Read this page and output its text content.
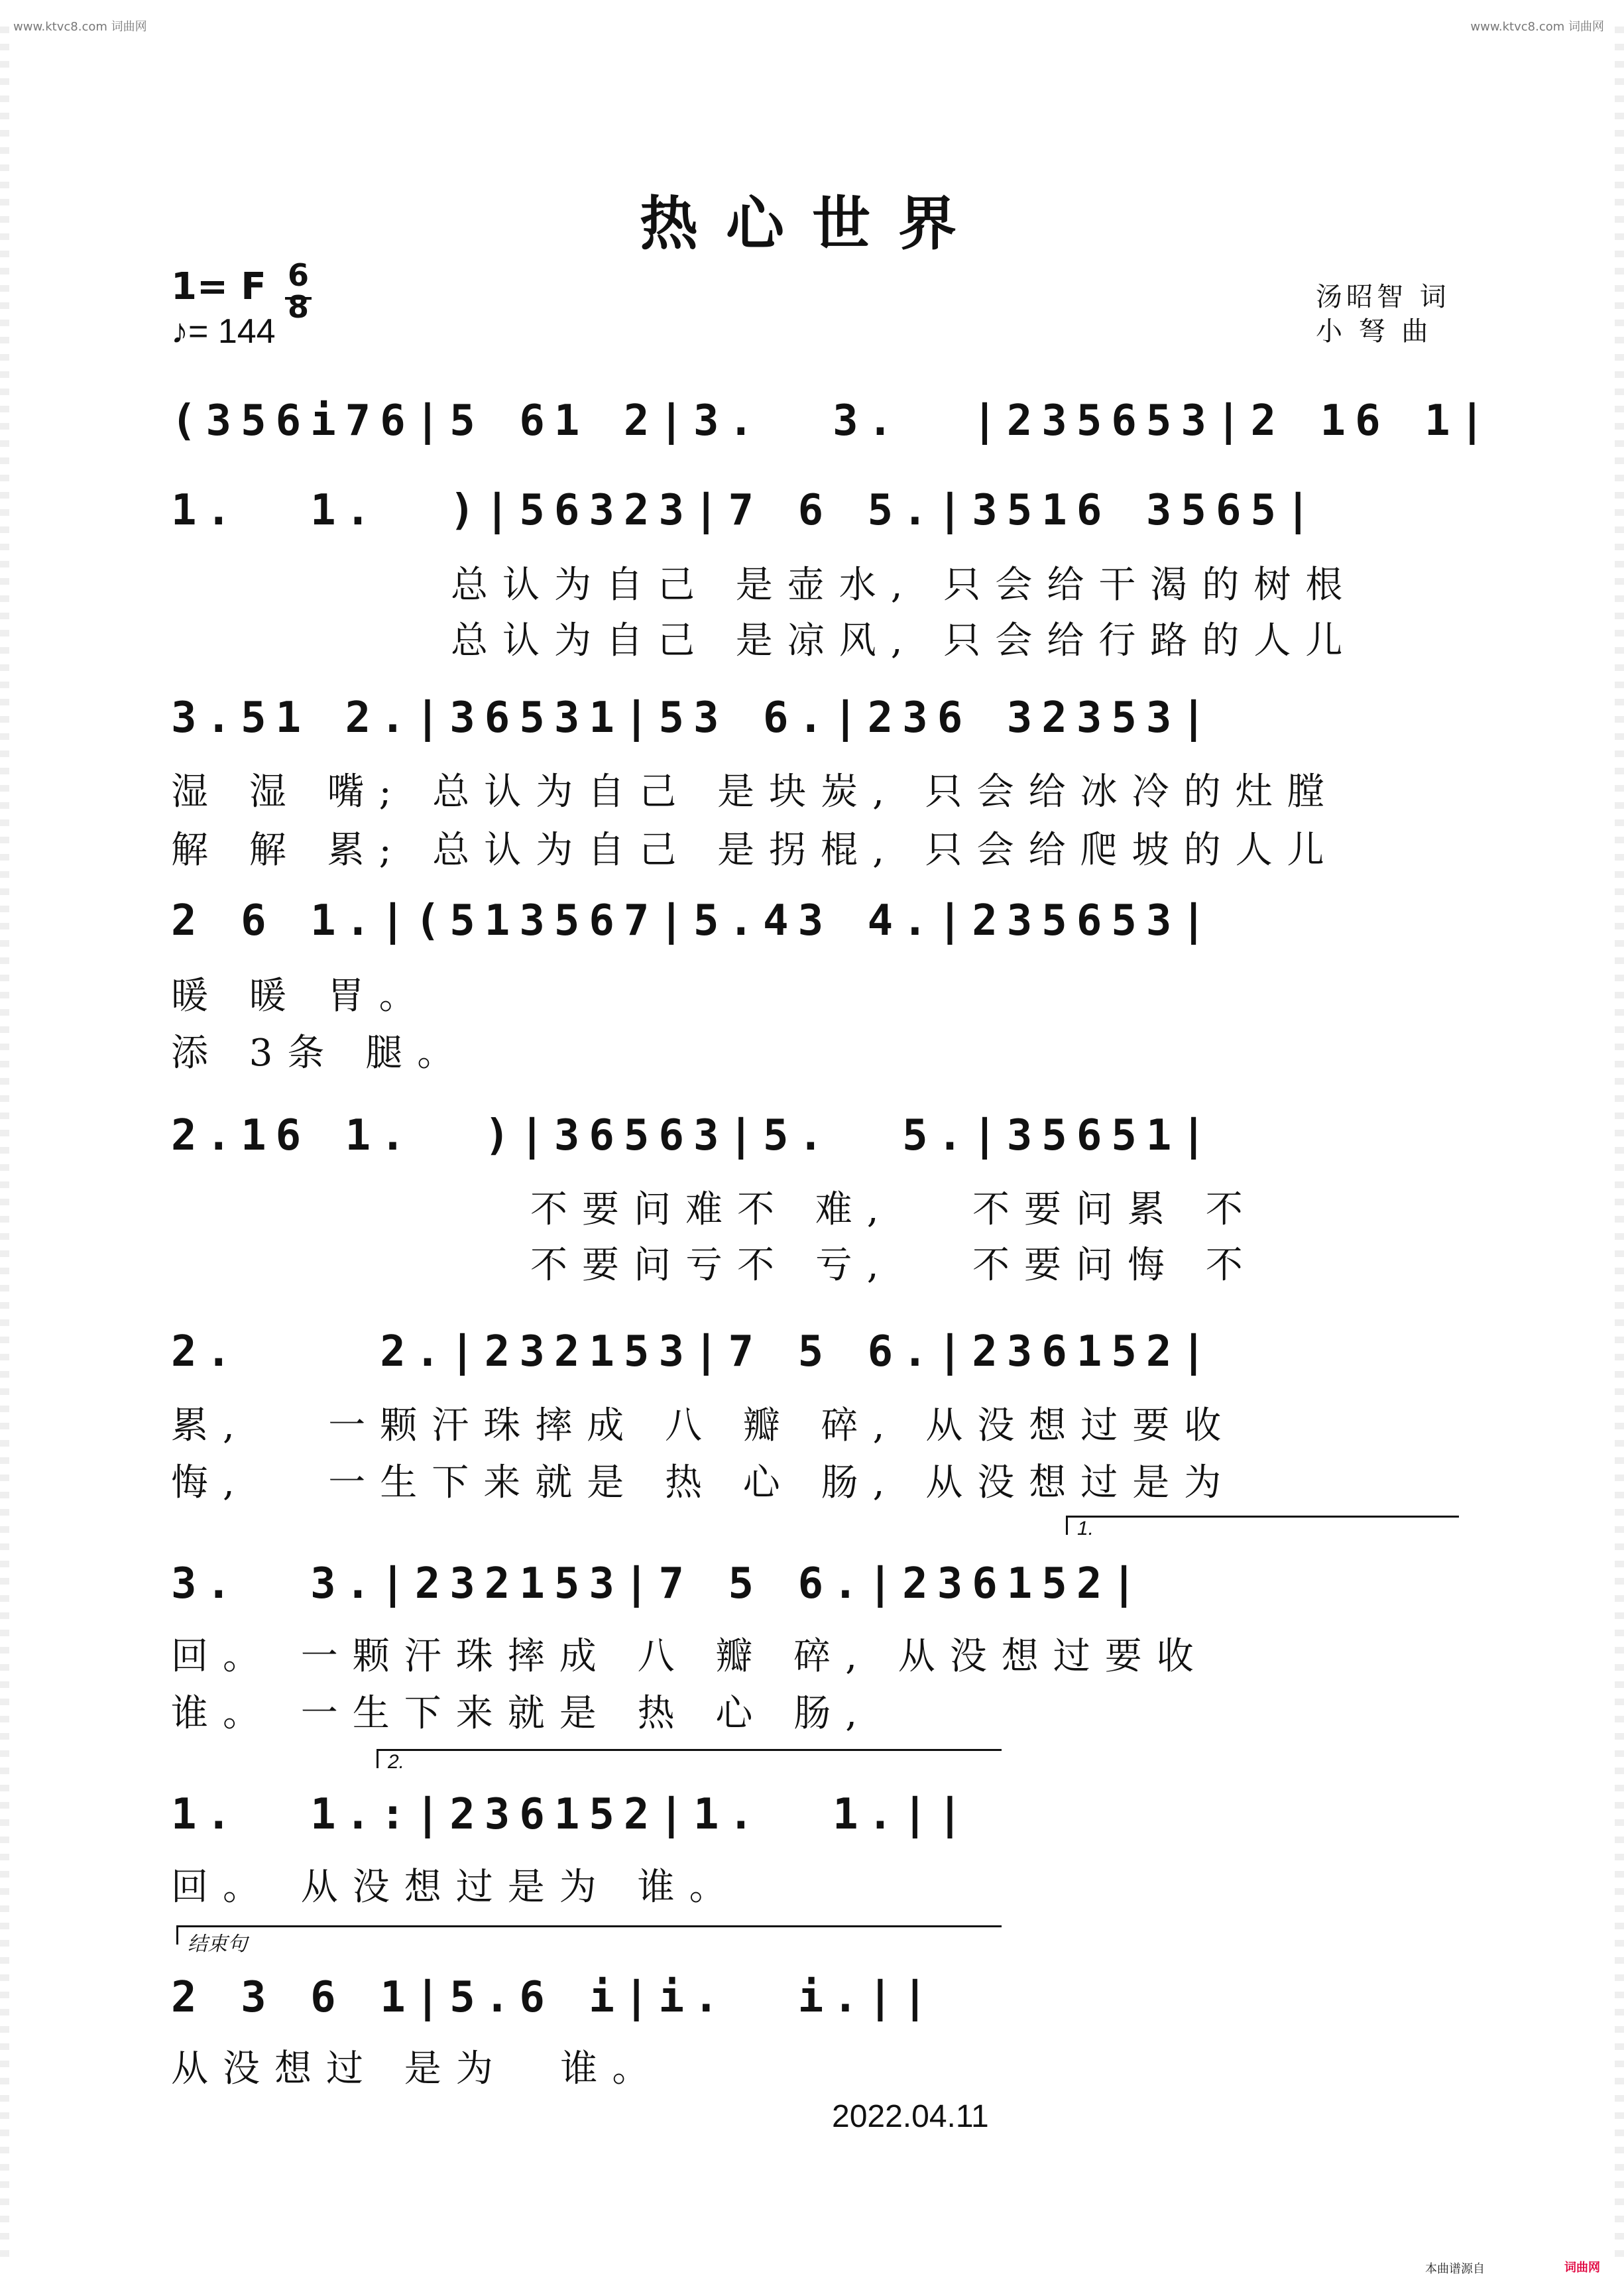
www.ktvc8.com 词曲网	www.ktvc8.com 词曲网
本曲谱源自	词曲网
热心世界
1= F 6
8
♪= 144
汤昭智 词
小 弩 曲
(356i76|5 61 2|3.  3.  |235653|2 16 1|
1.  1.  )|56323|7 6 5.|3516 3565|
总认为自己 是壶水, 只会给干渴的树根
总认为自己 是凉风, 只会给行路的人儿
3.51 2.|36531|53 6.|236 32353|
湿 湿 嘴; 总认为自己 是块炭, 只会给冰冷的灶膛
解 解 累; 总认为自己 是拐棍, 只会给爬坡的人儿
2 6 1.|(513567|5.43 4.|235653|
暖 暖 胃。
添 3条 腿。
2.16 1.  )|36563|5.  5.|35651|
不要问难不 难,   不要问累 不
不要问亏不 亏,   不要问悔 不
2.    2.|232153|7 5 6.|236152|
累,   一颗汗珠摔成 八 瓣 碎, 从没想过要收
悔,   一生下来就是 热 心 肠, 从没想过是为
1.
3.  3.|232153|7 5 6.|236152|
回。 一颗汗珠摔成 八 瓣 碎, 从没想过要收
谁。 一生下来就是 热 心 肠,
2.
1.  1.:|236152|1.  1.||
回。 从没想过是为 谁。
结束句
2 3 6 1|5.6 i|i.  i.||
从没想过 是为  谁。
2022.04.11
